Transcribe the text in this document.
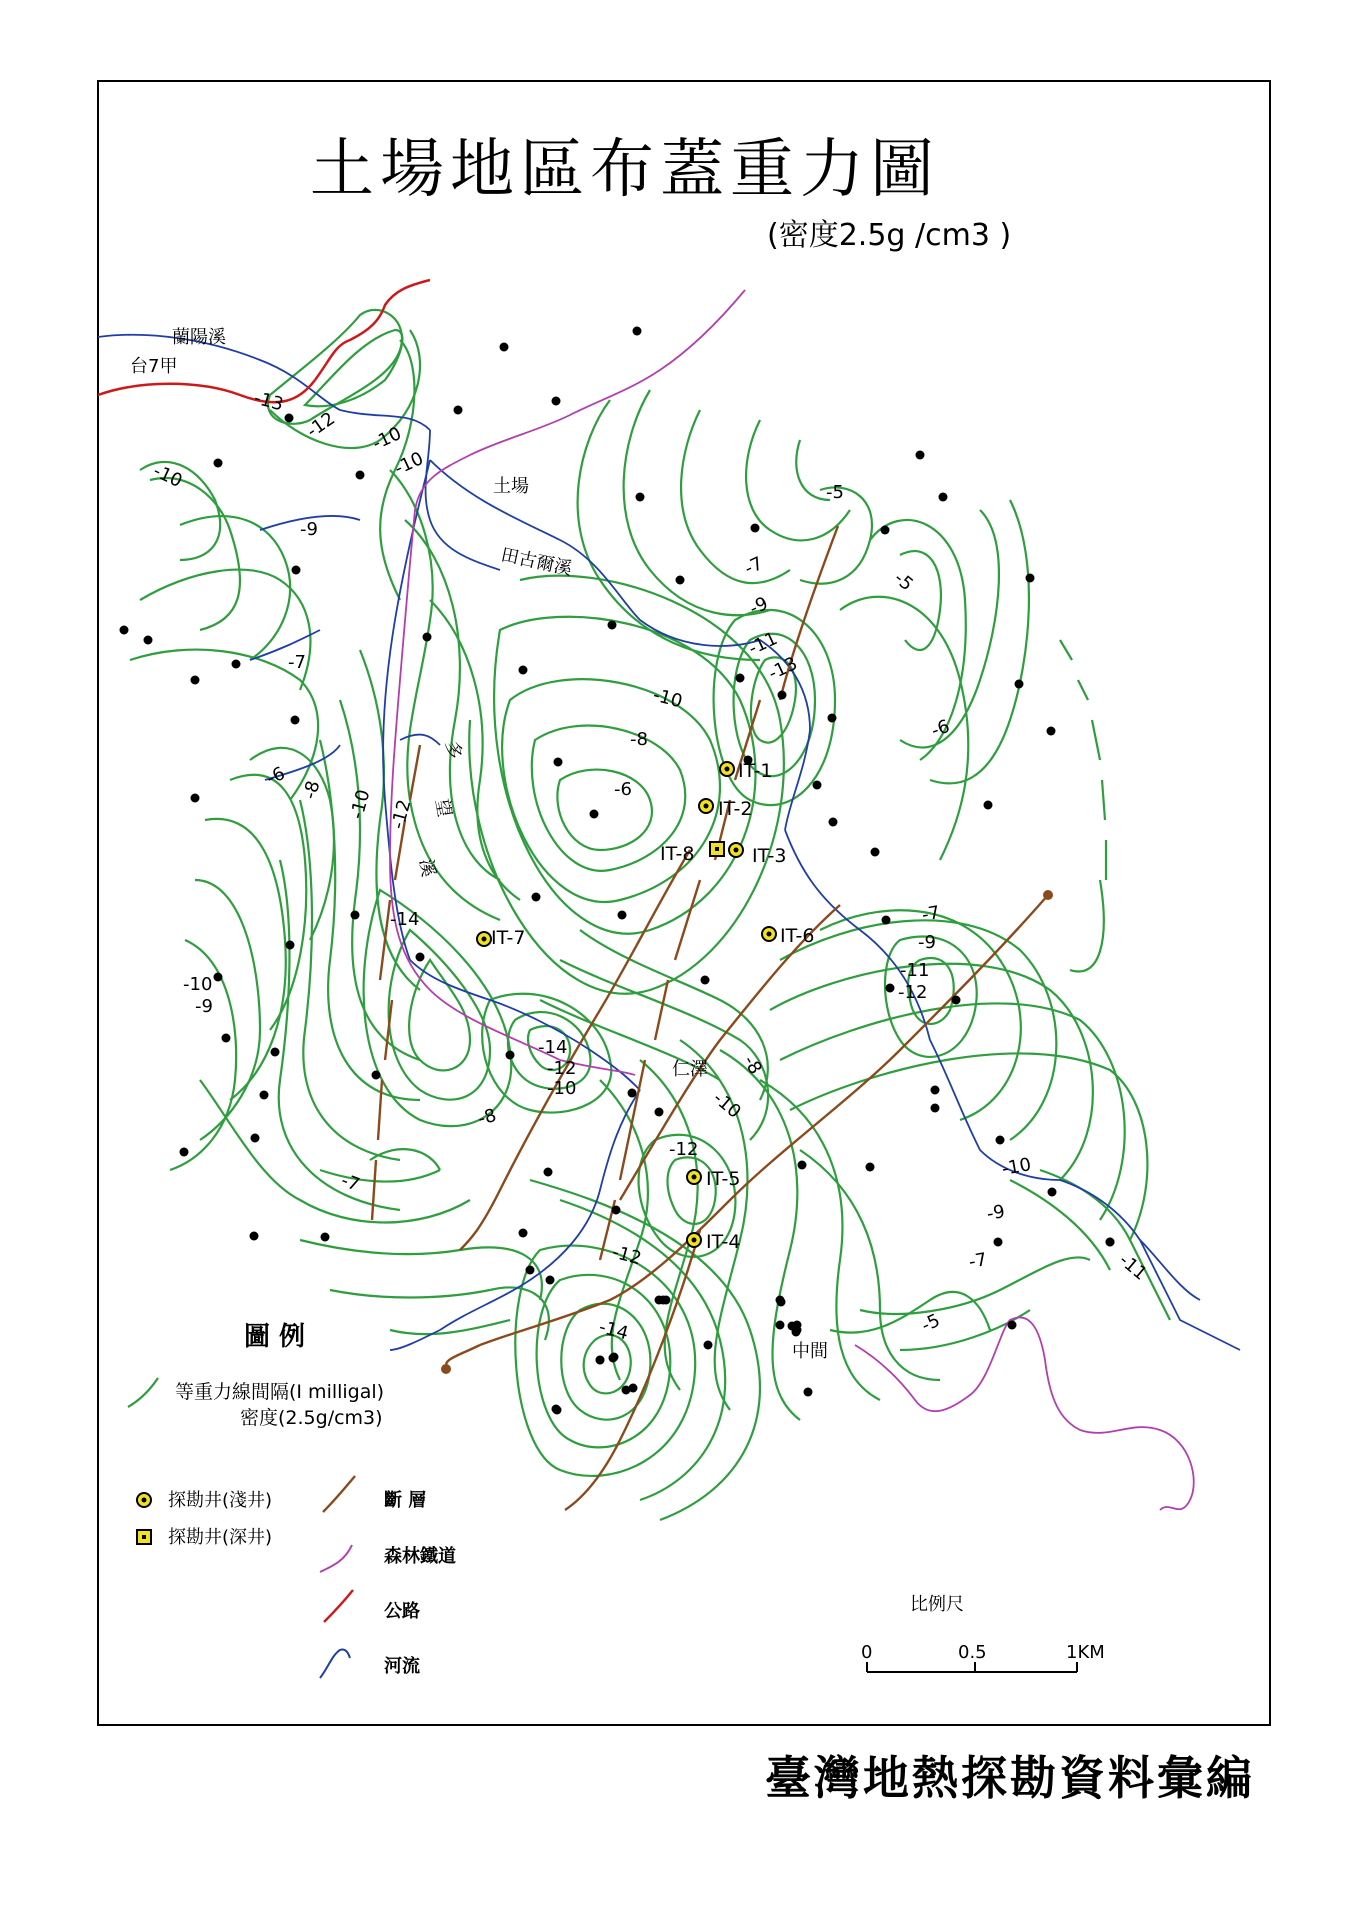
土場地區布蓋重力圖
(密度2.5g /cm3 )
蘭陽溪
台7甲
土場
田古爾溪
多
望
溪
仁澤
中間
IT-1
IT-2
IT-3
IT-8
IT-6
IT-7
IT-5
IT-4
-13
-12 -10
-10
-10
-9
-7
-6
-8 -10 -12
-14
-10
-9
-5
-5
-7
-9
-11
-13
-10
-8
-6
-6
-7
-9
-11
-12
-14
-12
-10
-8	-10
-8
-7
-12
-10
-9
-7	-11
-12
-14	-5
圖 例
等重力線間隔(I milligal)
密度(2.5g/cm3)
探勘井(淺井)
探勘井(深井)
斷 層
森林鐵道
公路
河流
比例尺
0	0.5	1KM
臺灣地熱探勘資料彙編
